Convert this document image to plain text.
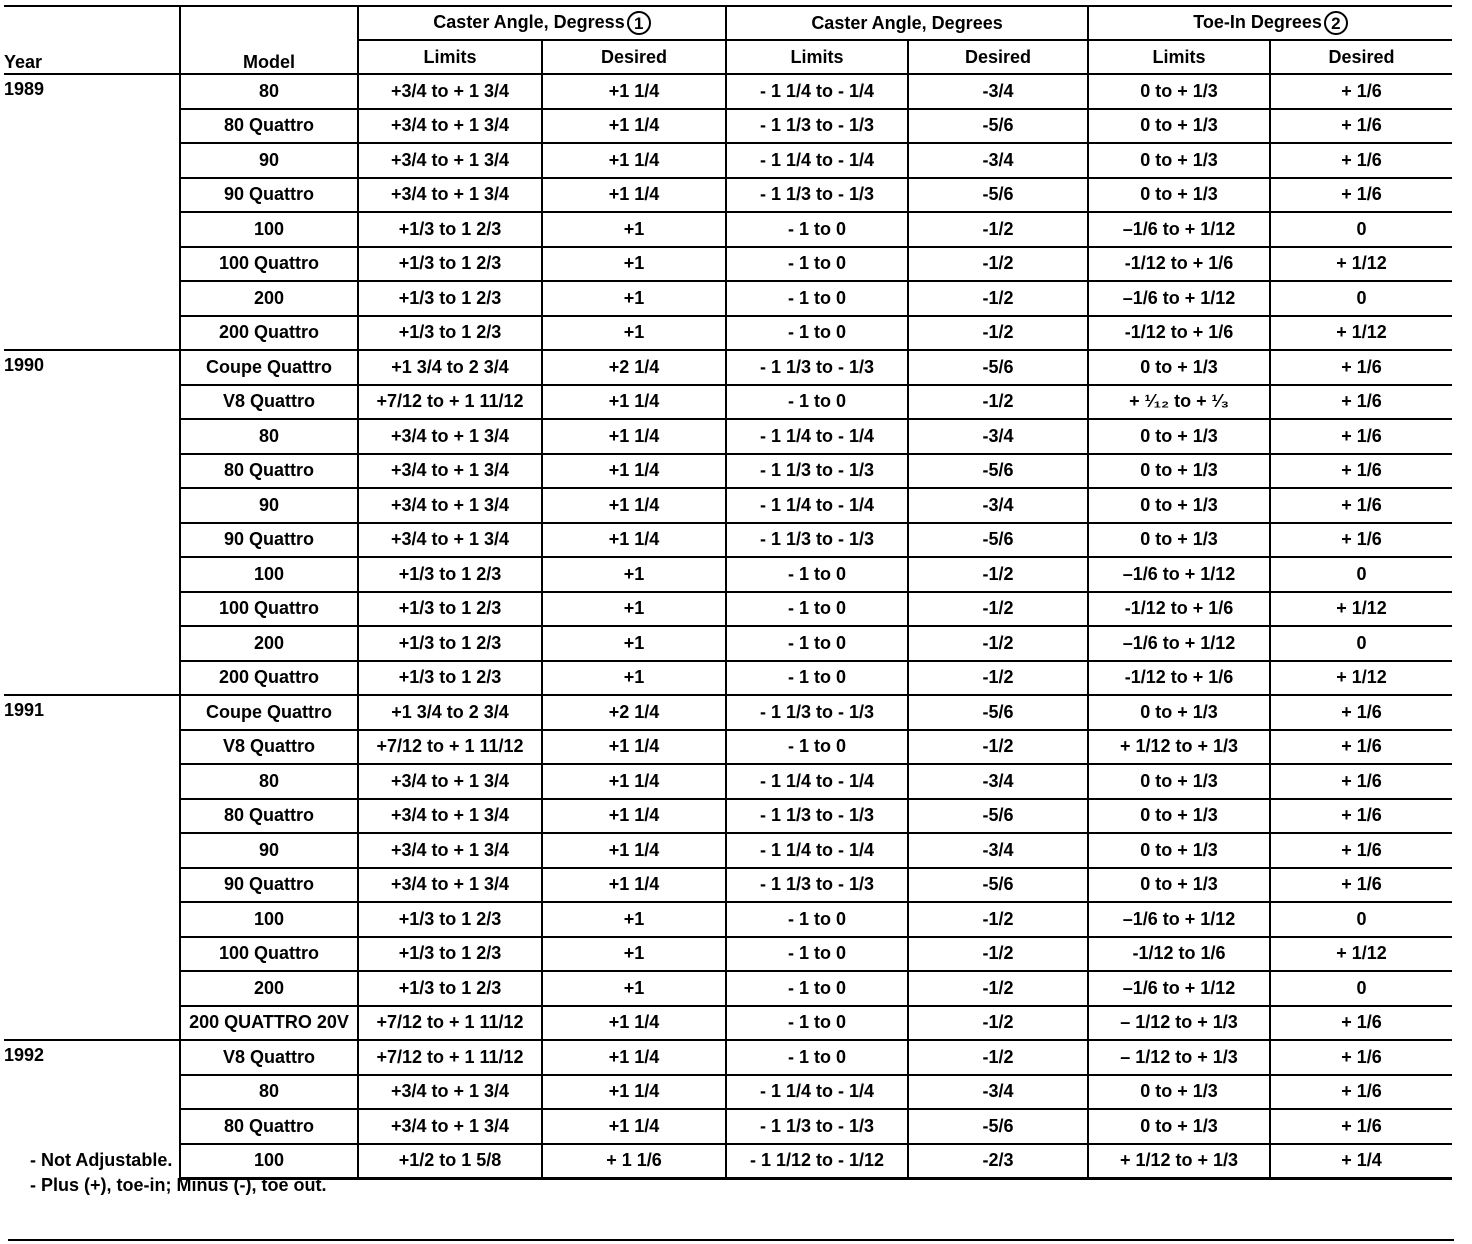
Year	Model	Caster Angle, Degress 1		Caster Angle, Degrees		Toe-In Degrees 2	
		Limits	Desired	Limits	Desired	Limits	Desired
1989	80	+3/4 to + 1 3/4	+1 1/4	- 1 1/4 to - 1/4	-3/4	0 to + 1/3	+ 1/6
	80 Quattro	+3/4 to + 1 3/4	+1 1/4	- 1 1/3 to - 1/3	-5/6	0 to + 1/3	+ 1/6
	90	+3/4 to + 1 3/4	+1 1/4	- 1 1/4 to - 1/4	-3/4	0 to + 1/3	+ 1/6
	90 Quattro	+3/4 to + 1 3/4	+1 1/4	- 1 1/3 to - 1/3	-5/6	0 to + 1/3	+ 1/6
	100	+1/3 to 1 2/3	+1	- 1 to 0	-1/2	–1/6 to + 1/12	0
	100 Quattro	+1/3 to 1 2/3	+1	- 1 to 0	-1/2	-1/12 to + 1/6	+ 1/12
	200	+1/3 to 1 2/3	+1	- 1 to 0	-1/2	–1/6 to + 1/12	0
	200 Quattro	+1/3 to 1 2/3	+1	- 1 to 0	-1/2	-1/12 to + 1/6	+ 1/12
1990	Coupe Quattro	+1 3/4 to 2 3/4	+2 1/4	- 1 1/3 to - 1/3	-5/6	0 to + 1/3	+ 1/6
	V8 Quattro	+7/12 to + 1 11/12	+1 1/4	- 1 to 0	-1/2	+ ¹⁄₁₂ to + ¹⁄₃	+ 1/6
	80	+3/4 to + 1 3/4	+1 1/4	- 1 1/4 to - 1/4	-3/4	0 to + 1/3	+ 1/6
	80 Quattro	+3/4 to + 1 3/4	+1 1/4	- 1 1/3 to - 1/3	-5/6	0 to + 1/3	+ 1/6
	90	+3/4 to + 1 3/4	+1 1/4	- 1 1/4 to - 1/4	-3/4	0 to + 1/3	+ 1/6
	90 Quattro	+3/4 to + 1 3/4	+1 1/4	- 1 1/3 to - 1/3	-5/6	0 to + 1/3	+ 1/6
	100	+1/3 to 1 2/3	+1	- 1 to 0	-1/2	–1/6 to + 1/12	0
	100 Quattro	+1/3 to 1 2/3	+1	- 1 to 0	-1/2	-1/12 to + 1/6	+ 1/12
	200	+1/3 to 1 2/3	+1	- 1 to 0	-1/2	–1/6 to + 1/12	0
	200 Quattro	+1/3 to 1 2/3	+1	- 1 to 0	-1/2	-1/12 to + 1/6	+ 1/12
1991	Coupe Quattro	+1 3/4 to 2 3/4	+2 1/4	- 1 1/3 to - 1/3	-5/6	0 to + 1/3	+ 1/6
	V8 Quattro	+7/12 to + 1 11/12	+1 1/4	- 1 to 0	-1/2	+ 1/12 to + 1/3	+ 1/6
	80	+3/4 to + 1 3/4	+1 1/4	- 1 1/4 to - 1/4	-3/4	0 to + 1/3	+ 1/6
	80 Quattro	+3/4 to + 1 3/4	+1 1/4	- 1 1/3 to - 1/3	-5/6	0 to + 1/3	+ 1/6
	90	+3/4 to + 1 3/4	+1 1/4	- 1 1/4 to - 1/4	-3/4	0 to + 1/3	+ 1/6
	90 Quattro	+3/4 to + 1 3/4	+1 1/4	- 1 1/3 to - 1/3	-5/6	0 to + 1/3	+ 1/6
	100	+1/3 to 1 2/3	+1	- 1 to 0	-1/2	–1/6 to + 1/12	0
	100 Quattro	+1/3 to 1 2/3	+1	- 1 to 0	-1/2	-1/12 to 1/6	+ 1/12
	200	+1/3 to 1 2/3	+1	- 1 to 0	-1/2	–1/6 to + 1/12	0
	200 QUATTRO 20V	+7/12 to + 1 11/12	+1 1/4	- 1 to 0	-1/2	– 1/12 to + 1/3	+ 1/6
1992	V8 Quattro	+7/12 to + 1 11/12	+1 1/4	- 1 to 0	-1/2	– 1/12 to + 1/3	+ 1/6
	80	+3/4 to + 1 3/4	+1 1/4	- 1 1/4 to - 1/4	-3/4	0 to + 1/3	+ 1/6
	80 Quattro	+3/4 to + 1 3/4	+1 1/4	- 1 1/3 to - 1/3	-5/6	0 to + 1/3	+ 1/6
	100	+1/2 to 1 5/8	+ 1 1/6	- 1 1/12 to - 1/12	-2/3	+ 1/12 to + 1/3	+ 1/4
- Not Adjustable.
- Plus (+), toe-in; Minus (-), toe out.
